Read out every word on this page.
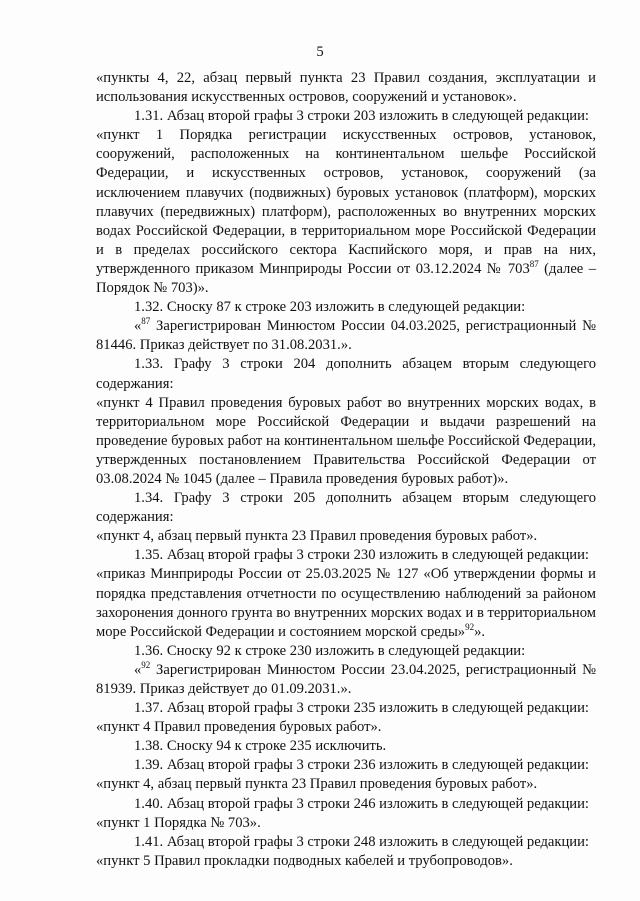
5

«пункты 4, 22, абзац первый пункта 23 Правил создания, эксплуатации и использования искусственных островов, сооружений и установок».

1.31. Абзац второй графы 3 строки 203 изложить в следующей редакции:

«пункт 1 Порядка регистрации искусственных островов, установок, сооружений, расположенных на континентальном шельфе Российской Федерации, и искусственных островов, установок, сооружений (за исключением плавучих (подвижных) буровых установок (платформ), морских плавучих (передвижных) платформ), расположенных во внутренних морских водах Российской Федерации, в территориальном море Российской Федерации и в пределах российского сектора Каспийского моря, и прав на них, утвержденного приказом Минприроды России от 03.12.2024 № $703^{87}$ (далее – Порядок № 703)».

1.32. Сноску 87 к строке 203 изложить в следующей редакции:

«$^{87}$ Зарегистрирован Минюстом России 04.03.2025, регистрационный № 81446. Приказ действует по 31.08.2031.».

1.33. Графу 3 строки 204 дополнить абзацем вторым следующего содержания:

«пункт 4 Правил проведения буровых работ во внутренних морских водах, в территориальном море Российской Федерации и выдачи разрешений на проведение буровых работ на континентальном шельфе Российской Федерации, утвержденных постановлением Правительства Российской Федерации от 03.08.2024 № 1045 (далее – Правила проведения буровых работ)».

1.34. Графу 3 строки 205 дополнить абзацем вторым следующего содержания:

«пункт 4, абзац первый пункта 23 Правил проведения буровых работ».

1.35. Абзац второй графы 3 строки 230 изложить в следующей редакции:

«приказ Минприроды России от 25.03.2025 № 127 «Об утверждении формы и порядка представления отчетности по осуществлению наблюдений за районом захоронения донного грунта во внутренних морских водах и в территориальном море Российской Федерации и состоянием морской среды»$^{92}$».

1.36. Сноску 92 к строке 230 изложить в следующей редакции:

«$^{92}$ Зарегистрирован Минюстом России 23.04.2025, регистрационный № 81939. Приказ действует до 01.09.2031.».

1.37. Абзац второй графы 3 строки 235 изложить в следующей редакции:

«пункт 4 Правил проведения буровых работ».

1.38. Сноску 94 к строке 235 исключить.

1.39. Абзац второй графы 3 строки 236 изложить в следующей редакции:

«пункт 4, абзац первый пункта 23 Правил проведения буровых работ».

1.40. Абзац второй графы 3 строки 246 изложить в следующей редакции:

«пункт 1 Порядка № 703».

1.41. Абзац второй графы 3 строки 248 изложить в следующей редакции:

«пункт 5 Правил прокладки подводных кабелей и трубопроводов».
